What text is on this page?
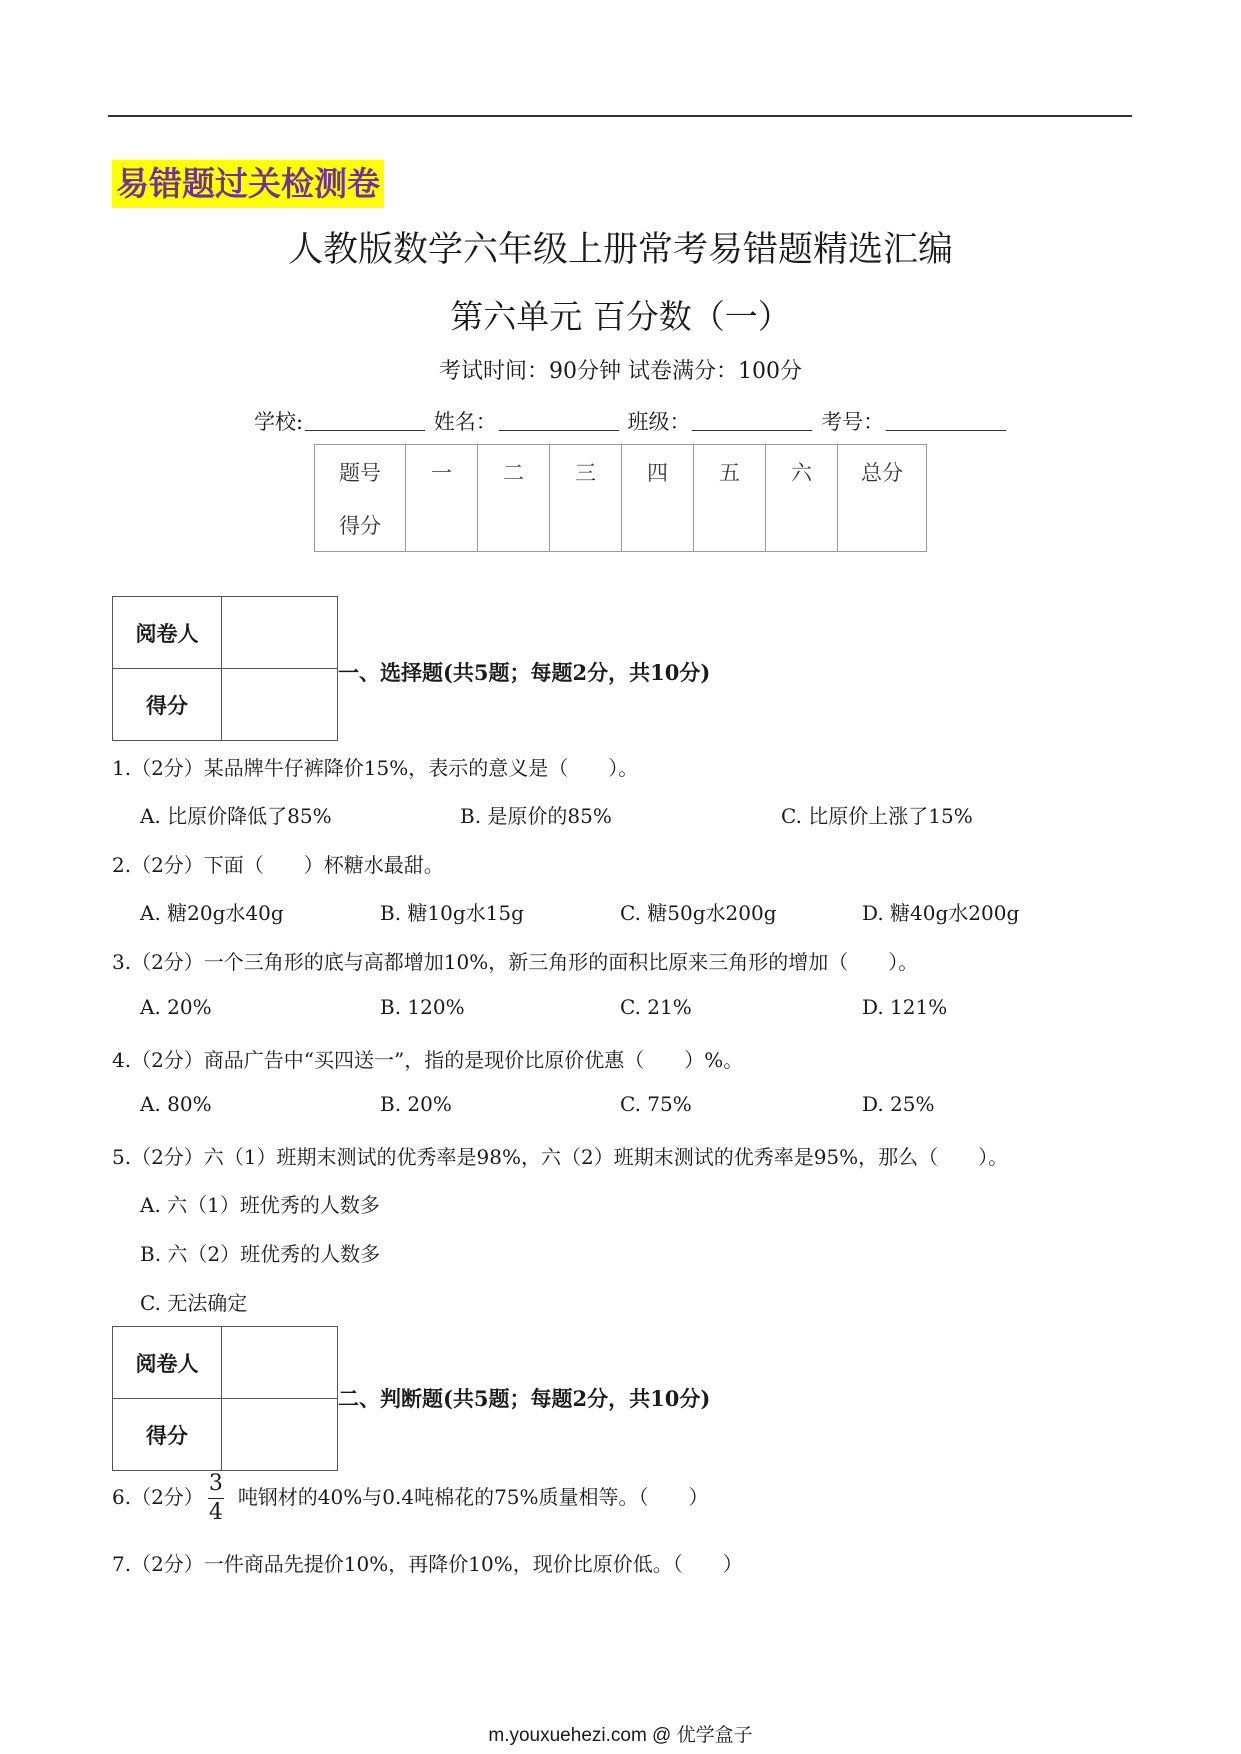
易错题过关检测卷
人教版数学六年级上册常考易错题精选汇编
第六单元 百分数（一）
考试时间：90分钟 试卷满分：100分
学校:	姓名：	班级：	考号：
题号	一	二	三	四	五	六	总分
得分							
阅卷人	
得分	
一、选择题(共5题；每题2分，共10分)
1.（2分）某品牌牛仔裤降价15%，表示的意义是（　　）。
A. 比原价降低了85%	B. 是原价的85%	C. 比原价上涨了15%
2.（2分）下面（　　）杯糖水最甜。
A. 糖20g水40g	B. 糖10g水15g	C. 糖50g水200g	D. 糖40g水200g
3.（2分）一个三角形的底与高都增加10%，新三角形的面积比原来三角形的增加（　　）。
A. 20%	B. 120%	C. 21%	D. 121%
4.（2分）商品广告中“买四送一”，指的是现价比原价优惠（　　）%。
A. 80%	B. 20%	C. 75%	D. 25%
5.（2分）六（1）班期末测试的优秀率是98%，六（2）班期末测试的优秀率是95%，那么（　　）。
A. 六（1）班优秀的人数多
B. 六（2）班优秀的人数多
C. 无法确定
阅卷人	
得分	
二、判断题(共5题；每题2分，共10分)
6.（2分） $\frac{3}{4}$ 吨钢材的40%与0.4吨棉花的75%质量相等。（　　）
7.（2分）一件商品先提价10%，再降价10%，现价比原价低。（　　）
m.youxuehezi.com @ 优学盒子
